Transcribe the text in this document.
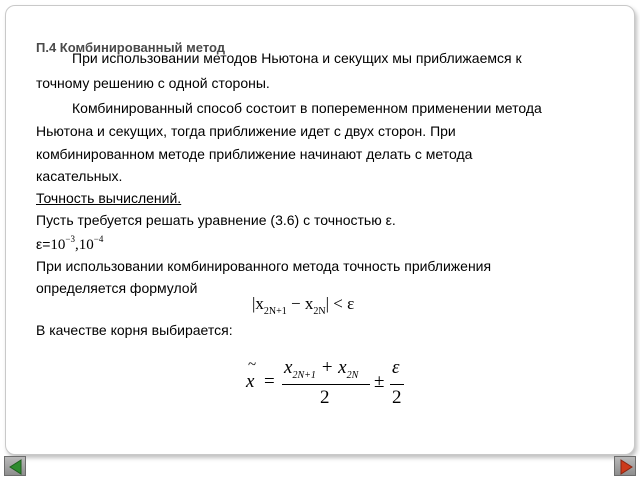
П.4 Комбинированный метод
При использовании методов Ньютона и секущих мы приближаемся к
точному решению с одной стороны.
Комбинированный способ состоит в попеременном применении метода
Ньютона и секущих, тогда приближение идет с двух сторон. При
комбинированном методе приближение начинают делать с метода
касательных.
Точность вычислений.
Пусть требуется решать уравнение (3.6) с точностью ε.
$\varepsilon=10^{-3},10^{-4}$
При использовании комбинированного метода точность приближения
определяется формулой
$|x_{2N+1} - x_{2N}| < \varepsilon$
В качестве корня выбирается:
~
x =
$x_{2N+1} + x_{2N}$
2
±
ε
2
